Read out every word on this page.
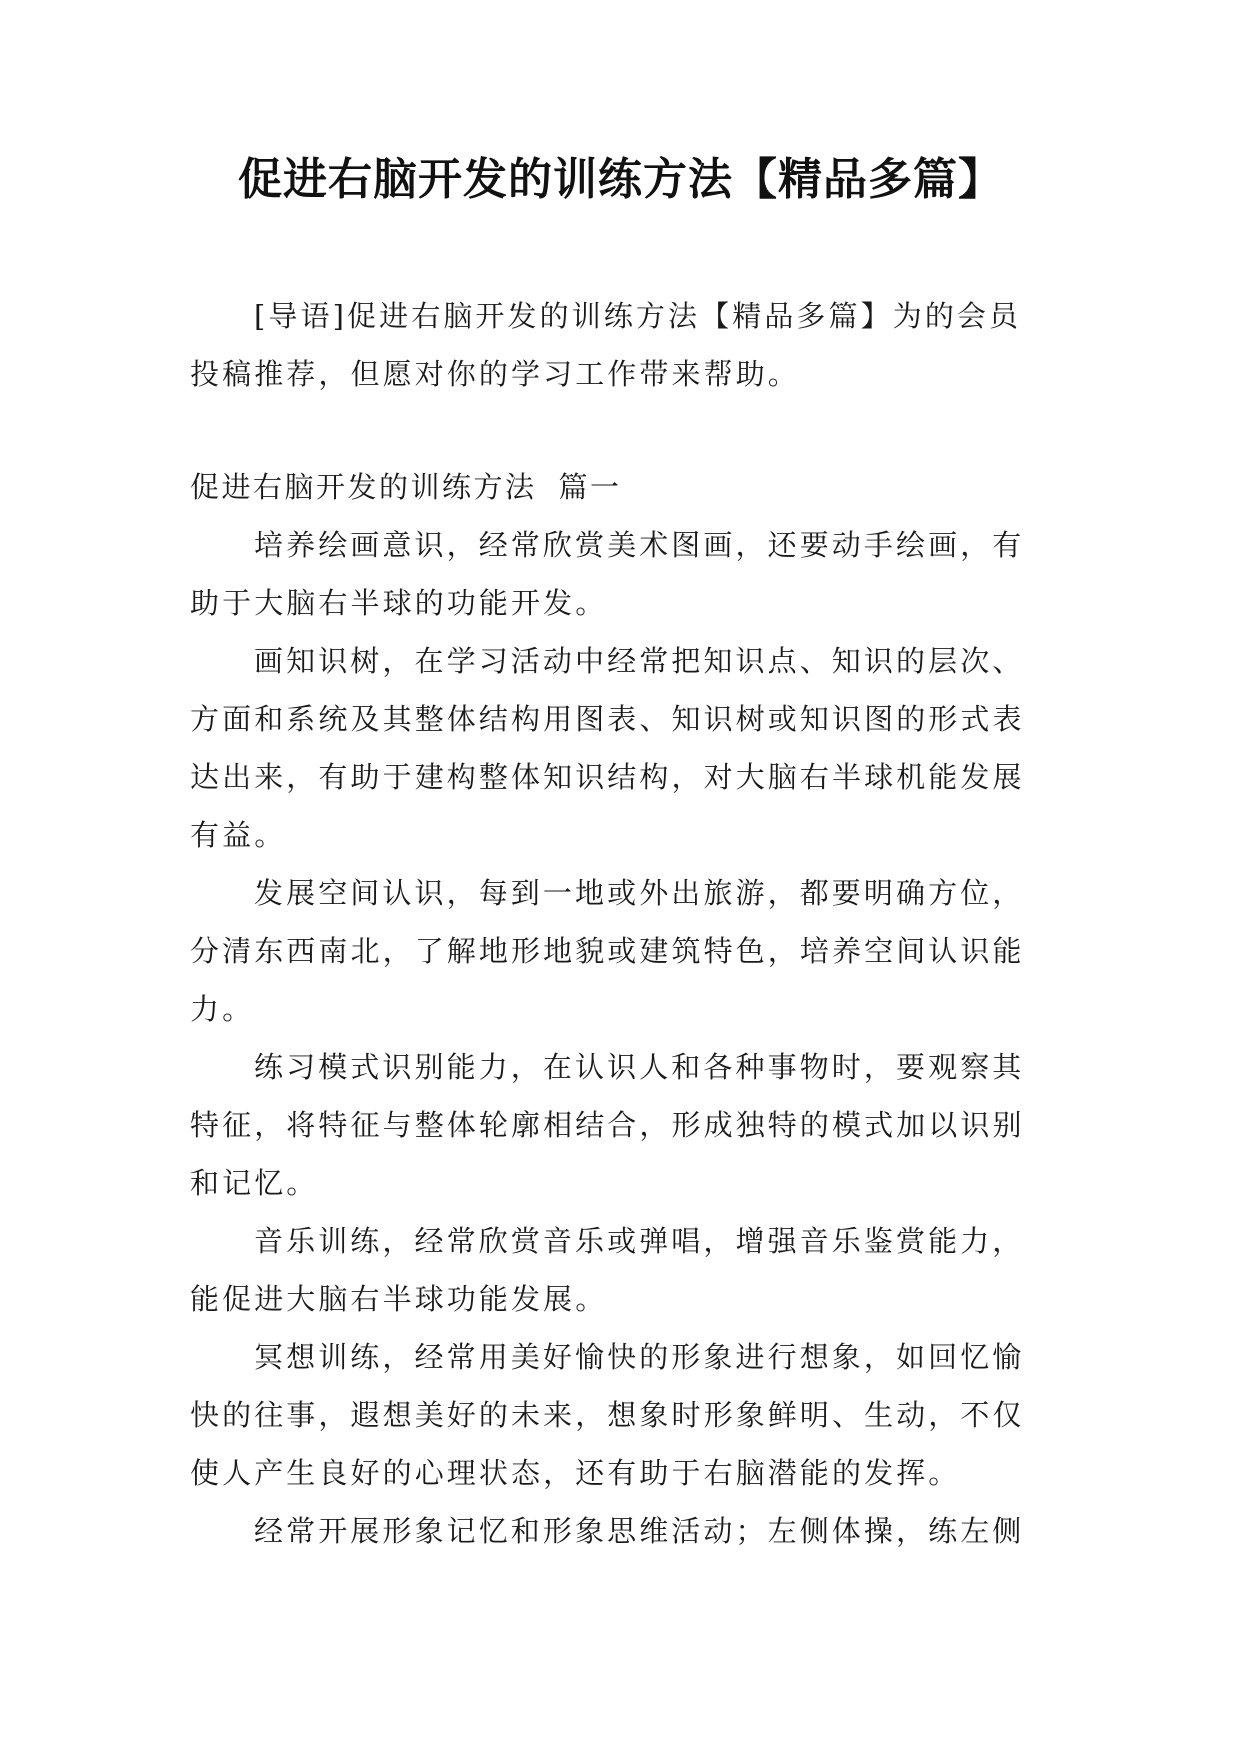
促进右脑开发的训练方法【精品多篇】

[导语]促进右脑开发的训练方法【精品多篇】为的会员投稿推荐，但愿对你的学习工作带来帮助。

促进右脑开发的训练方法 篇一

培养绘画意识，经常欣赏美术图画，还要动手绘画，有助于大脑右半球的功能开发。

画知识树，在学习活动中经常把知识点、知识的层次、方面和系统及其整体结构用图表、知识树或知识图的形式表达出来，有助于建构整体知识结构，对大脑右半球机能发展有益。

发展空间认识，每到一地或外出旅游，都要明确方位，分清东西南北，了解地形地貌或建筑特色，培养空间认识能力。

练习模式识别能力，在认识人和各种事物时，要观察其特征，将特征与整体轮廓相结合，形成独特的模式加以识别和记忆。

音乐训练，经常欣赏音乐或弹唱，增强音乐鉴赏能力，能促进大脑右半球功能发展。

冥想训练，经常用美好愉快的形象进行想象，如回忆愉快的往事，遐想美好的未来，想象时形象鲜明、生动，不仅使人产生良好的心理状态，还有助于右脑潜能的发挥。

经常开展形象记忆和形象思维活动；左侧体操，练左侧
